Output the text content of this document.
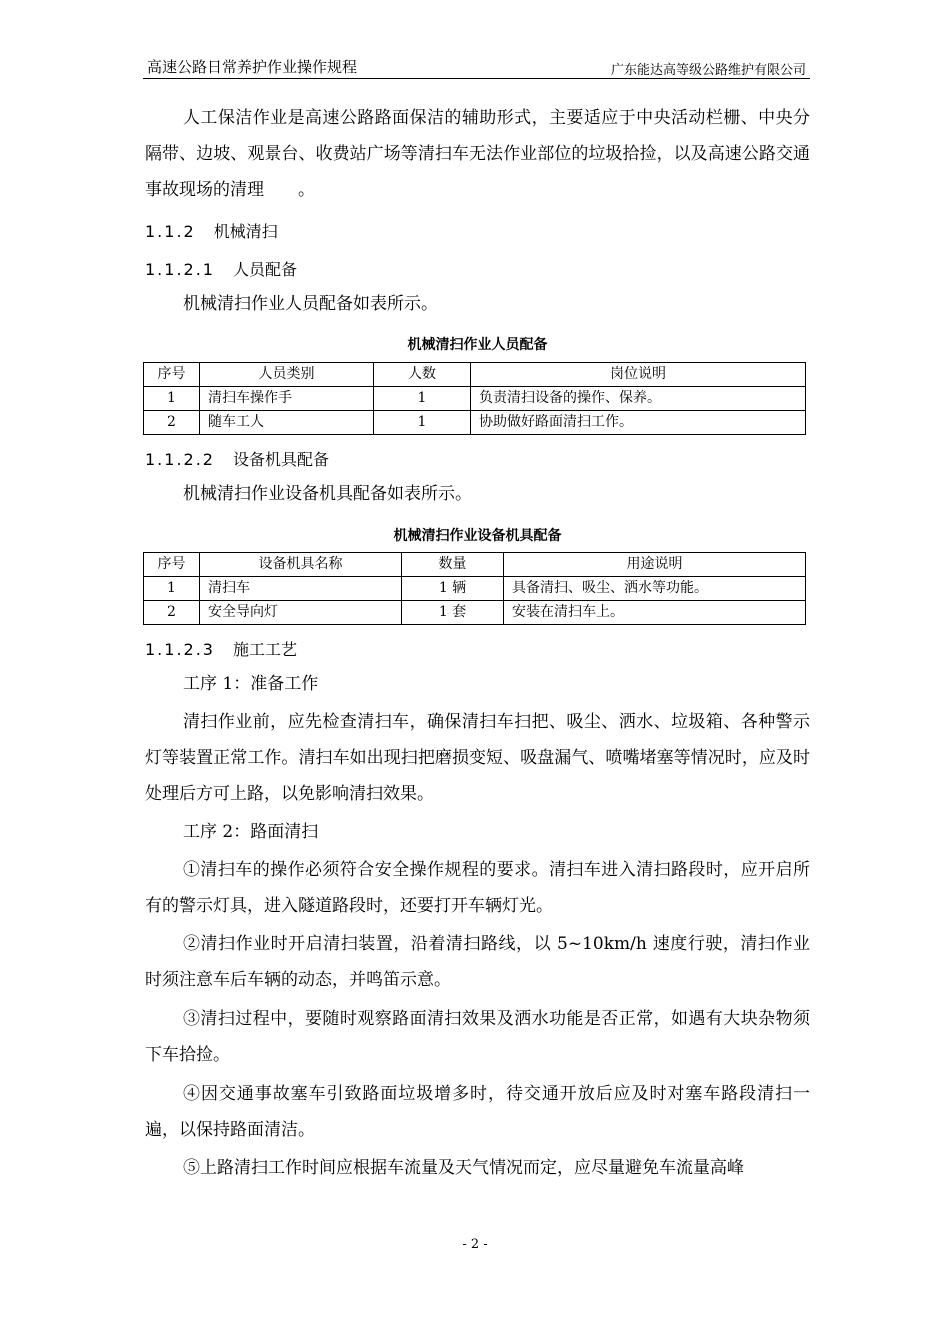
高速公路日常养护作业操作规程	广东能达高等级公路维护有限公司
人工保洁作业是高速公路路面保洁的辅助形式，主要适应于中央活动栏栅、中央分隔带、边坡、观景台、收费站广场等清扫车无法作业部位的垃圾拾捡，以及高速公路交通事故现场的清理　　。
1.1.2 机械清扫
1.1.2.1 人员配备
机械清扫作业人员配备如表所示。
机械清扫作业人员配备
序号	人员类别	人数	岗位说明
1	清扫车操作手	1	负责清扫设备的操作、保养。
2	随车工人	1	协助做好路面清扫工作。
1.1.2.2 设备机具配备
机械清扫作业设备机具配备如表所示。
机械清扫作业设备机具配备
序号	设备机具名称	数量	用途说明
1	清扫车	1 辆	具备清扫、吸尘、洒水等功能。
2	安全导向灯	1 套	安装在清扫车上。
1.1.2.3 施工工艺
工序 1：准备工作
清扫作业前，应先检查清扫车，确保清扫车扫把、吸尘、洒水、垃圾箱、各种警示灯等装置正常工作。清扫车如出现扫把磨损变短、吸盘漏气、喷嘴堵塞等情况时，应及时处理后方可上路，以免影响清扫效果。
工序 2：路面清扫
①清扫车的操作必须符合安全操作规程的要求。清扫车进入清扫路段时，应开启所有的警示灯具，进入隧道路段时，还要打开车辆灯光。
②清扫作业时开启清扫装置，沿着清扫路线，以 5~10km/h 速度行驶，清扫作业时须注意车后车辆的动态，并鸣笛示意。
③清扫过程中，要随时观察路面清扫效果及洒水功能是否正常，如遇有大块杂物须下车拾捡。
④因交通事故塞车引致路面垃圾增多时，待交通开放后应及时对塞车路段清扫一遍，以保持路面清洁。
⑤上路清扫工作时间应根据车流量及天气情况而定，应尽量避免车流量高峰
- 2 -
